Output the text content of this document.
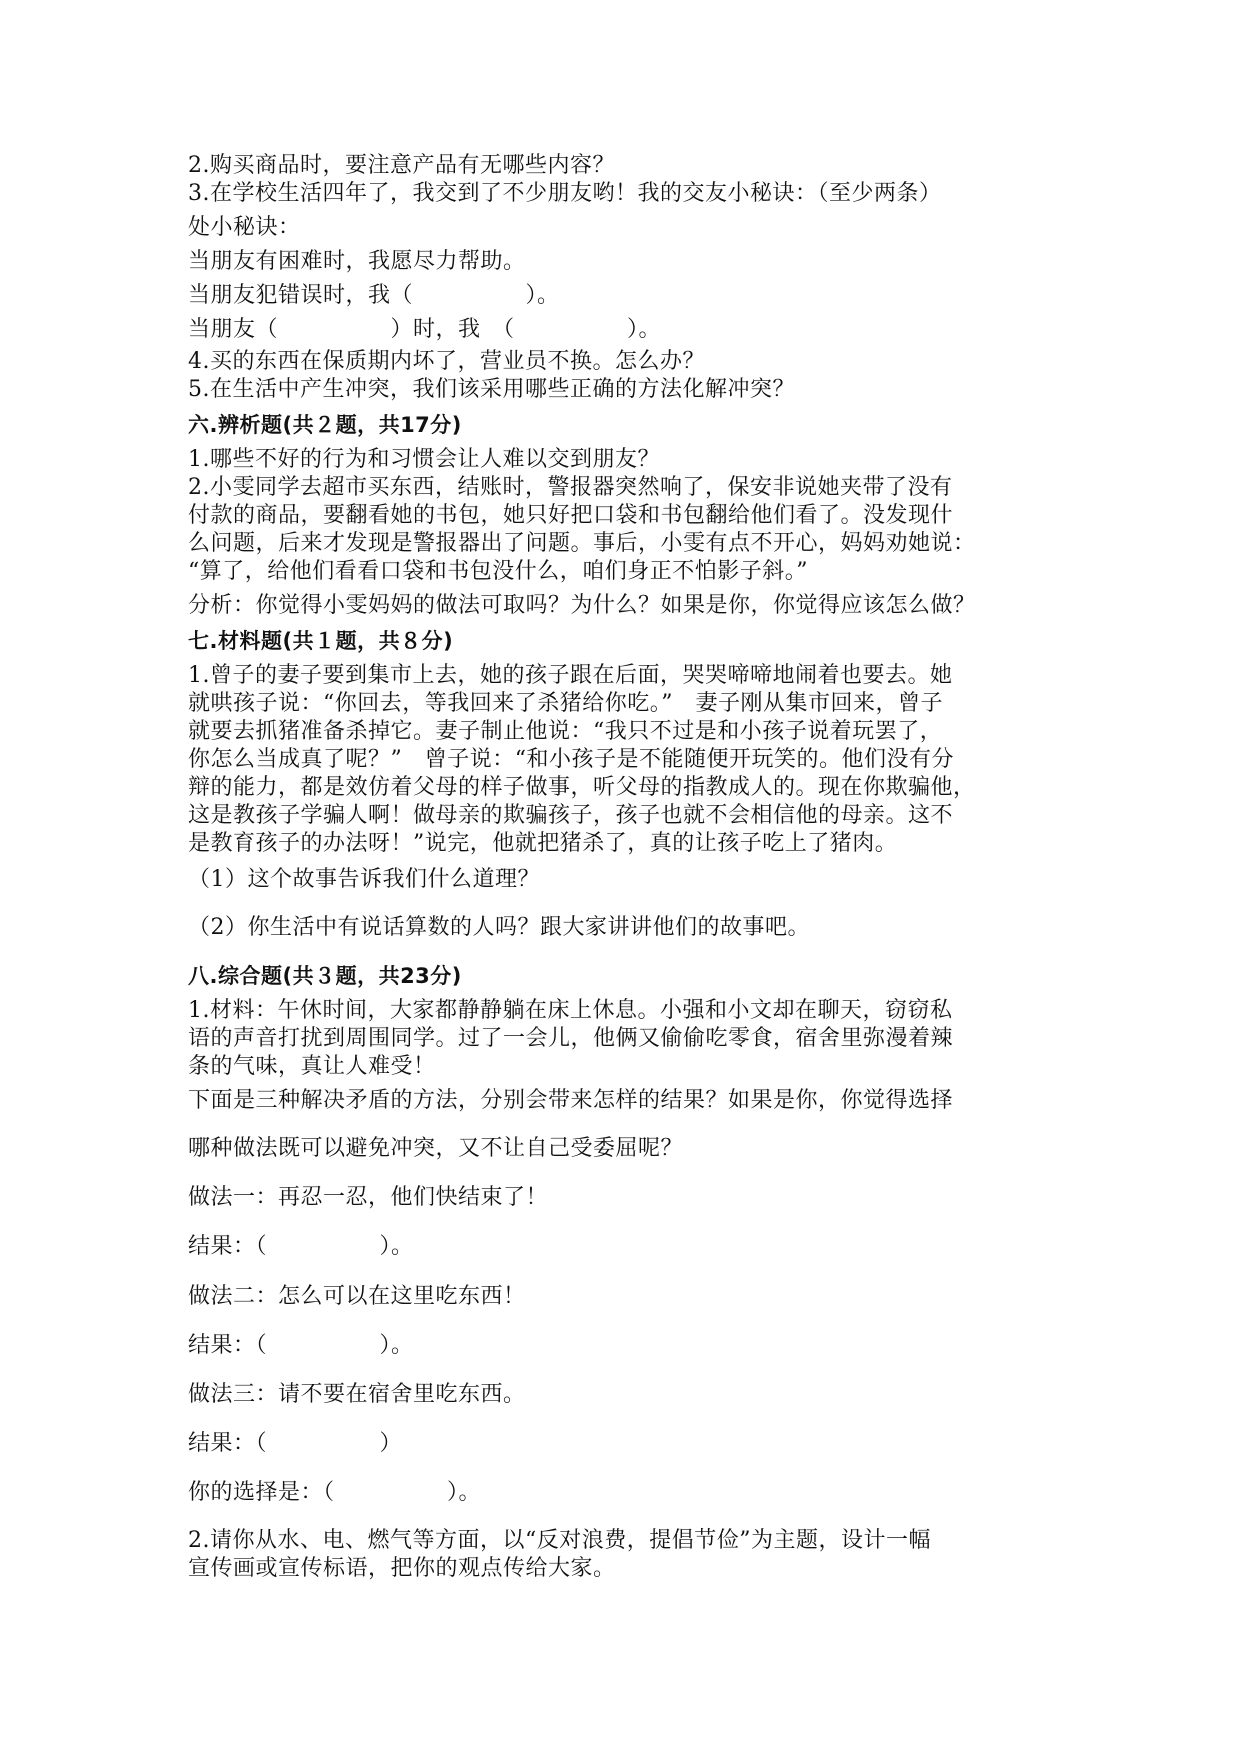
2.购买商品时，要注意产品有无哪些内容？
3.在学校生活四年了，我交到了不少朋友哟！我的交友小秘诀：（至少两条）
处小秘诀：
当朋友有困难时，我愿尽力帮助。
当朋友犯错误时，我（　　　　　）。
当朋友（　　　　　）时，我　（　　　　　）。
4.买的东西在保质期内坏了，营业员不换。怎么办？
5.在生活中产生冲突，我们该采用哪些正确的方法化解冲突？
六.辨析题(共２题，共17分)
1.哪些不好的行为和习惯会让人难以交到朋友？
2.小雯同学去超市买东西，结账时，警报器突然响了，保安非说她夹带了没有
付款的商品，要翻看她的书包，她只好把口袋和书包翻给他们看了。没发现什
么问题，后来才发现是警报器出了问题。事后，小雯有点不开心，妈妈劝她说：
“算了，给他们看看口袋和书包没什么，咱们身正不怕影子斜。”
分析：你觉得小雯妈妈的做法可取吗？为什么？如果是你，你觉得应该怎么做？
七.材料题(共１题，共８分)
1.曾子的妻子要到集市上去，她的孩子跟在后面，哭哭啼啼地闹着也要去。她
就哄孩子说：“你回去，等我回来了杀猪给你吃。”　妻子刚从集市回来，曾子
就要去抓猪准备杀掉它。妻子制止他说：“我只不过是和小孩子说着玩罢了，
你怎么当成真了呢？”　曾子说：“和小孩子是不能随便开玩笑的。他们没有分
辩的能力，都是效仿着父母的样子做事，听父母的指教成人的。现在你欺骗他，
这是教孩子学骗人啊！做母亲的欺骗孩子，孩子也就不会相信他的母亲。这不
是教育孩子的办法呀！”说完，他就把猪杀了，真的让孩子吃上了猪肉。
（1）这个故事告诉我们什么道理？
（2）你生活中有说话算数的人吗？跟大家讲讲他们的故事吧。
八.综合题(共３题，共23分)
1.材料：午休时间，大家都静静躺在床上休息。小强和小文却在聊天，窃窃私
语的声音打扰到周围同学。过了一会儿，他俩又偷偷吃零食，宿舍里弥漫着辣
条的气味，真让人难受！
下面是三种解决矛盾的方法，分别会带来怎样的结果？如果是你，你觉得选择
哪种做法既可以避免冲突，又不让自己受委屈呢？
做法一：再忍一忍，他们快结束了！
结果：（　　　　　）。
做法二：怎么可以在这里吃东西！
结果：（　　　　　）。
做法三：请不要在宿舍里吃东西。
结果：（　　　　　）
你的选择是：（　　　　　）。
2.请你从水、电、燃气等方面，以“反对浪费，提倡节俭”为主题，设计一幅
宣传画或宣传标语，把你的观点传给大家。
